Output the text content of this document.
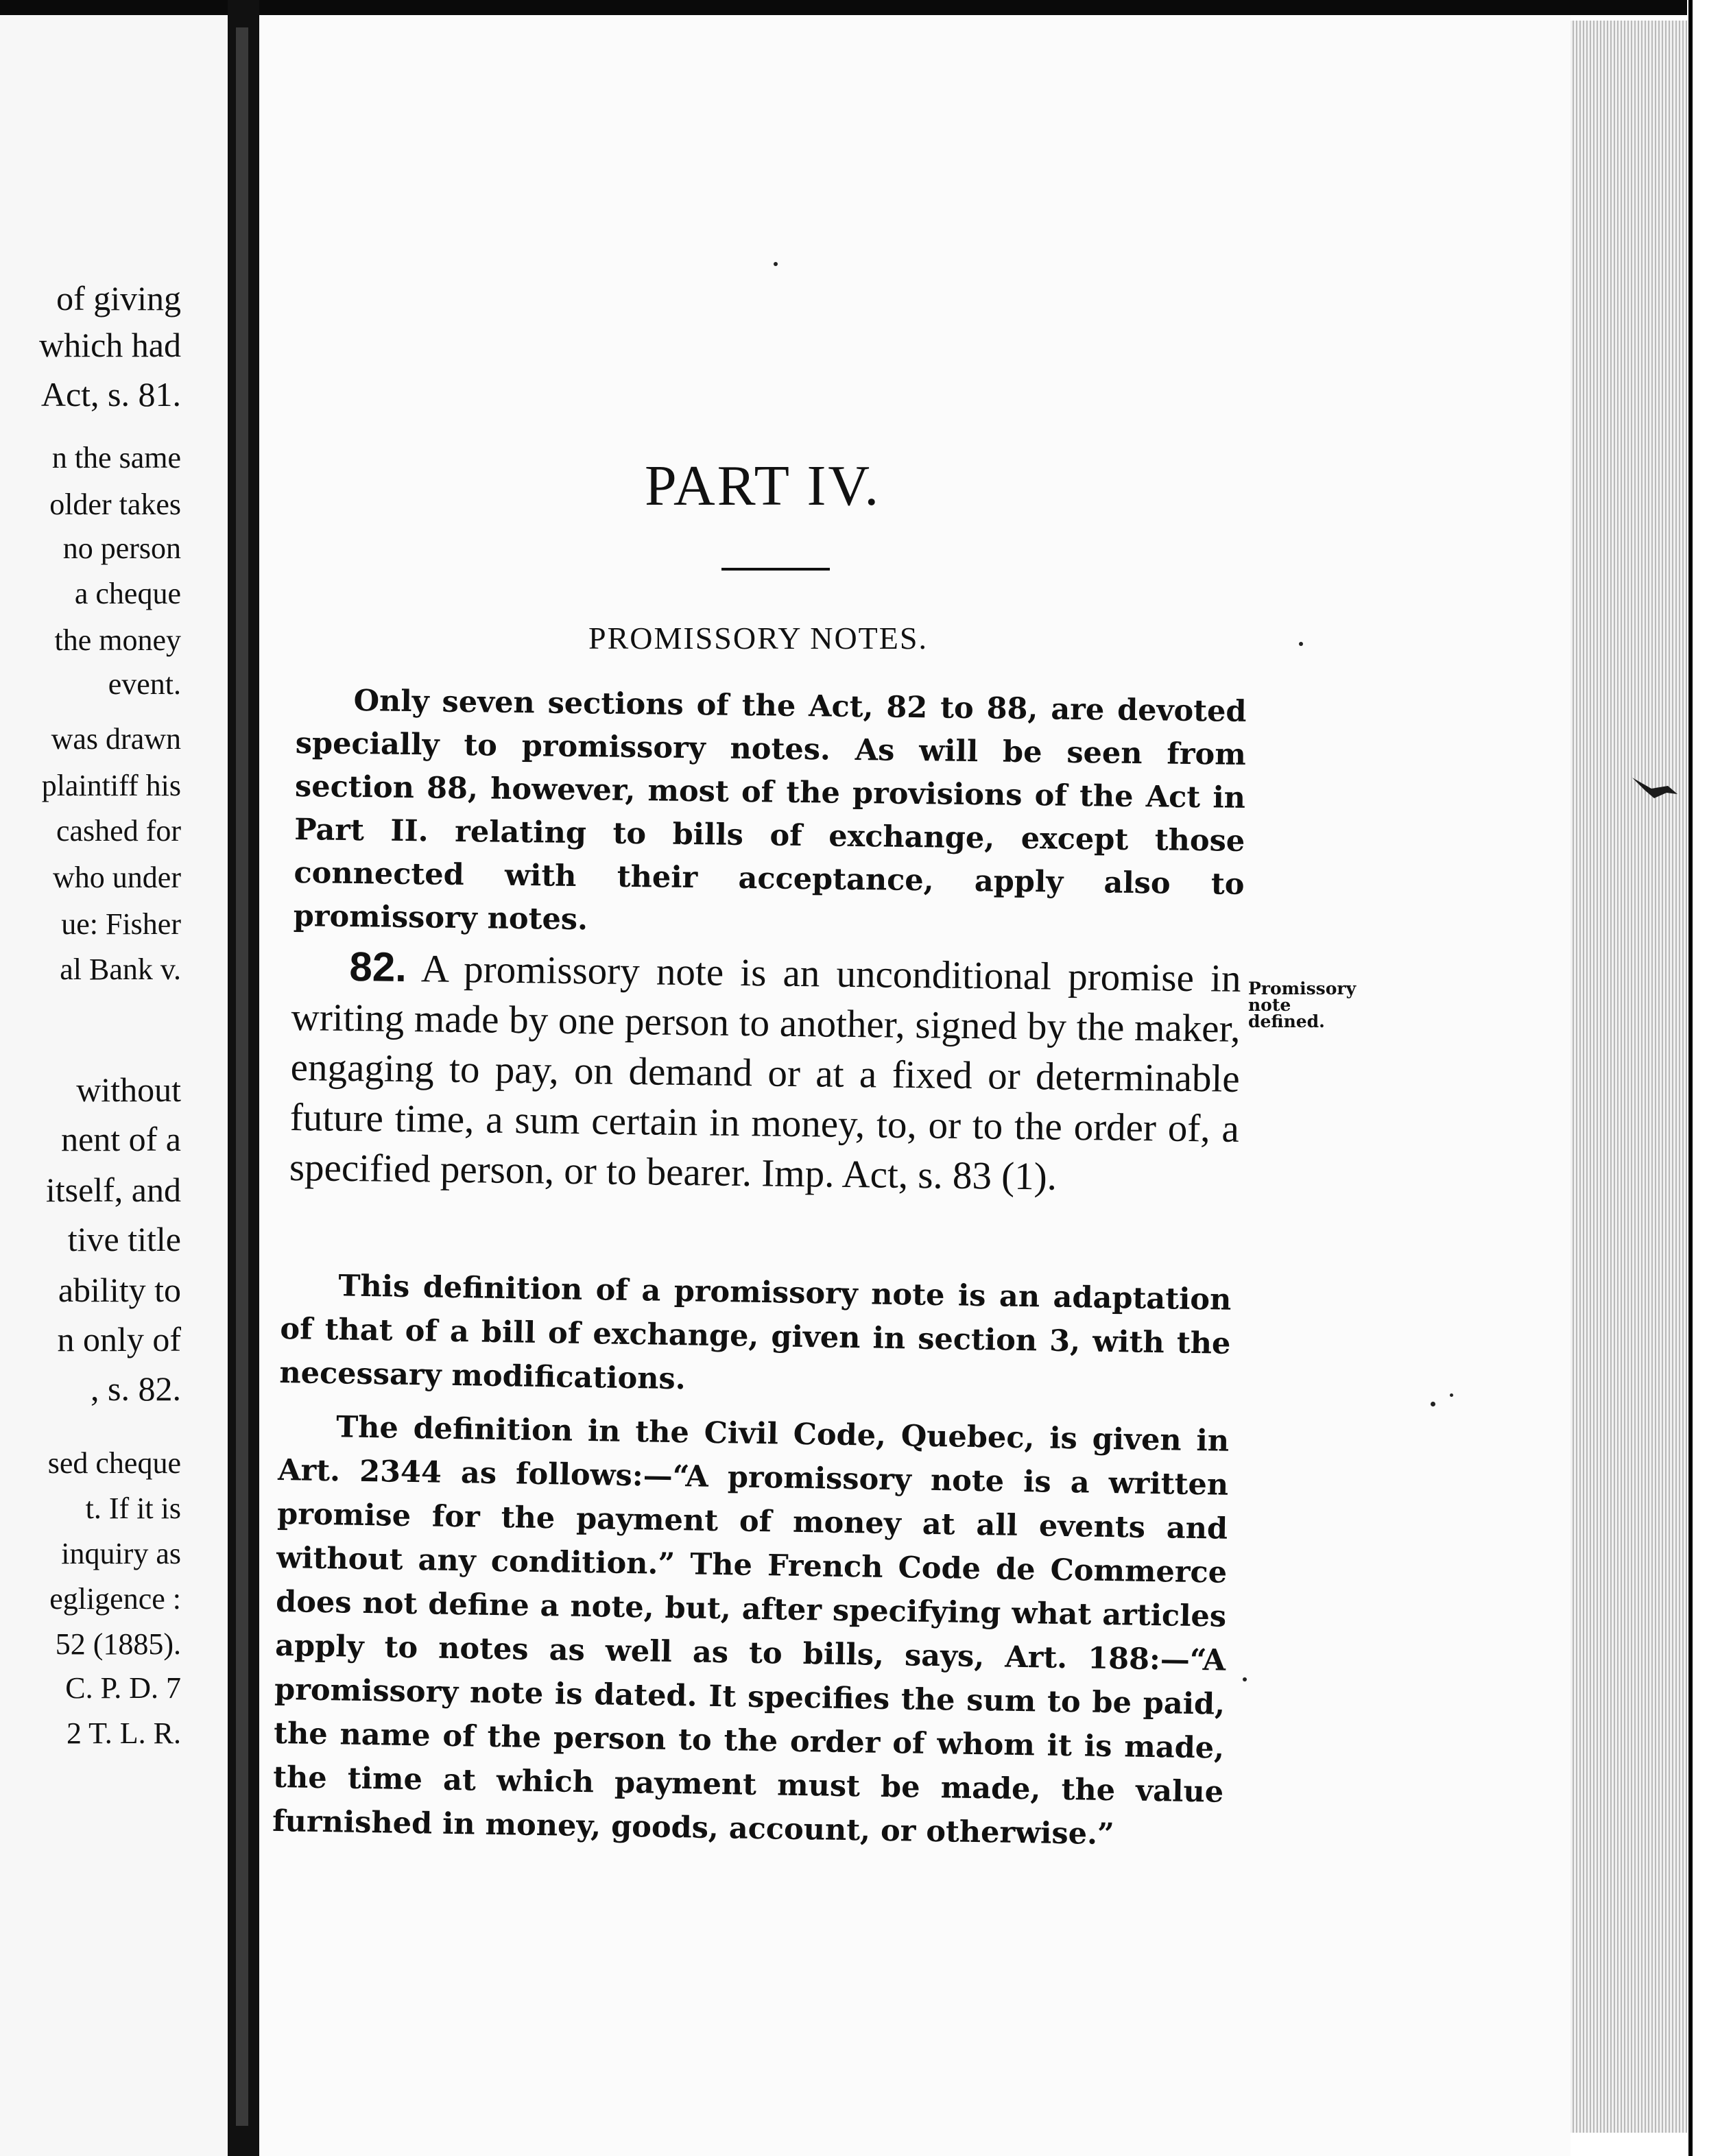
of giving
which had
Act, s. 81.
n the same
older takes
no person
a cheque
the money
event.
was drawn
plaintiff his
cashed for
who under
ue: Fisher
al Bank v.
without
nent of a
itself, and
tive title
ability to
n only of
, s. 82.
sed cheque
t. If it is
inquiry as
egligence :
52 (1885).
C. P. D. 7
2 T. L. R.
PART IV.
PROMISSORY NOTES.

Only seven sections of the Act, 82 to 88, are devoted specially to promissory notes. As will be seen from section 88, however, most of the provisions of the Act in Part II. relating to bills of exchange, except those connected with their acceptance, apply also to promissory notes.

82. A promissory note is an unconditional promise in writing made by one person to another, signed by the maker, engaging to pay, on demand or at a fixed or determinable future time, a sum certain in money, to, or to the order of, a specified person, or to bearer. Imp. Act, s. 83 (1).

Promissory
note
defined.

This definition of a promissory note is an adaptation of that of a bill of exchange, given in section 3, with the necessary modifications.

The definition in the Civil Code, Quebec, is given in Art. 2344 as follows:—“A promissory note is a written promise for the payment of money at all events and without any condition.” The French Code de Commerce does not define a note, but, after specifying what articles apply to notes as well as to bills, says, Art. 188:—“A promissory note is dated. It specifies the sum to be paid, the name of the person to the order of whom it is made, the time at which payment must be made, the value furnished in money, goods, account, or otherwise.”
